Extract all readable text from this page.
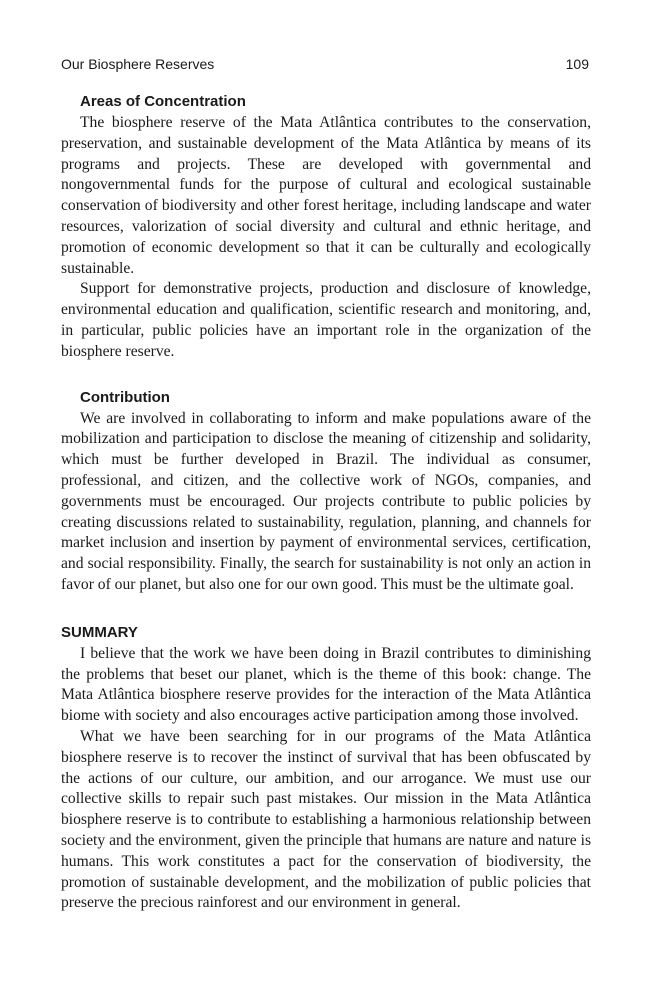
Our Biosphere Reserves	109
Areas of Concentration

The biosphere reserve of the Mata Atlântica contributes to the conservation, preservation, and sustainable development of the Mata Atlântica by means of its programs and projects. These are developed with governmental and nongovernmental funds for the purpose of cultural and ecological sustainable conservation of biodiversity and other forest heritage, including landscape and water resources, valorization of social diversity and cultural and ethnic heritage, and promotion of economic development so that it can be culturally and ecologically sustainable.

Support for demonstrative projects, production and disclosure of knowledge, environmental education and qualification, scientific research and monitoring, and, in particular, public policies have an important role in the organization of the biosphere reserve.

Contribution

We are involved in collaborating to inform and make populations aware of the mobilization and participation to disclose the meaning of citizenship and solidarity, which must be further developed in Brazil. The individual as consumer, professional, and citizen, and the collective work of NGOs, companies, and governments must be encouraged. Our projects contribute to public policies by creating discussions related to sustainability, regulation, planning, and channels for market inclusion and insertion by payment of environmental services, certification, and social responsibility. Finally, the search for sustainability is not only an action in favor of our planet, but also one for our own good. This must be the ultimate goal.

SUMMARY

I believe that the work we have been doing in Brazil contributes to diminishing the problems that beset our planet, which is the theme of this book: change. The Mata Atlântica biosphere reserve provides for the interaction of the Mata Atlântica biome with society and also encourages active participation among those involved.

What we have been searching for in our programs of the Mata Atlântica biosphere reserve is to recover the instinct of survival that has been obfuscated by the actions of our culture, our ambition, and our arrogance. We must use our collective skills to repair such past mistakes. Our mission in the Mata Atlântica biosphere reserve is to contribute to establishing a harmonious relationship between society and the environment, given the principle that humans are nature and nature is humans. This work constitutes a pact for the conservation of biodiversity, the promotion of sustainable development, and the mobilization of public policies that preserve the precious rainforest and our environment in general.
